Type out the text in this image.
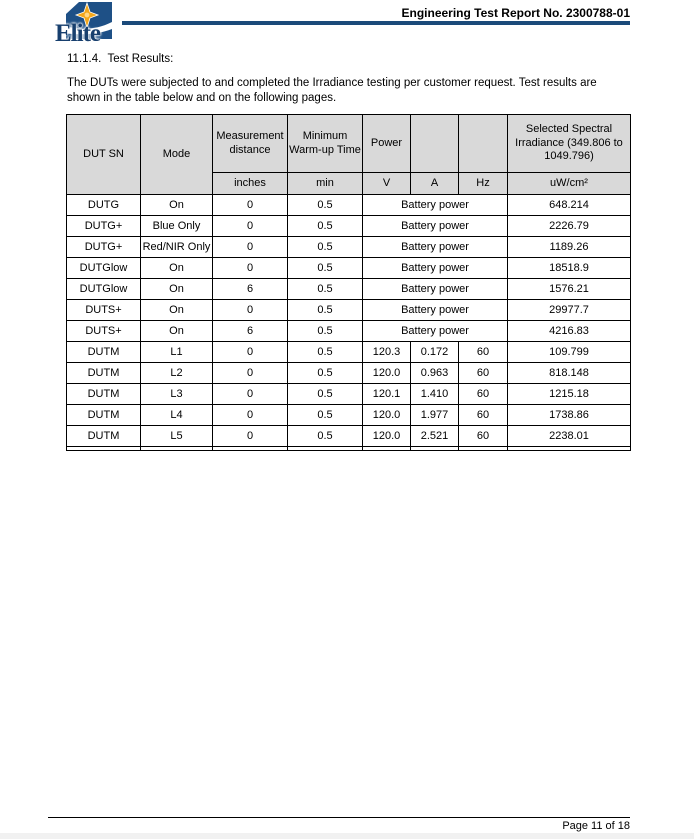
Elite
Engineering Test Report No. 2300788-01
11.1.4.  Test Results:
The DUTs were subjected to and completed the Irradiance testing per customer request. Test results are shown in the table below and on the following pages.
DUT SN	Mode	Measurement distance	Minimum Warm-up Time	Power			Selected Spectral Irradiance (349.806 to 1049.796)
		inches	min	V	A	Hz	uW/cm²
DUTG	On	0	0.5	Battery power			648.214
DUTG+	Blue Only	0	0.5	Battery power			2226.79
DUTG+	Red/NIR Only	0	0.5	Battery power			1189.26
DUTGlow	On	0	0.5	Battery power			18518.9
DUTGlow	On	6	0.5	Battery power			1576.21
DUTS+	On	0	0.5	Battery power			29977.7
DUTS+	On	6	0.5	Battery power			4216.83
DUTM	L1	0	0.5	120.3	0.172	60	109.799
DUTM	L2	0	0.5	120.0	0.963	60	818.148
DUTM	L3	0	0.5	120.1	1.410	60	1215.18
DUTM	L4	0	0.5	120.0	1.977	60	1738.86
DUTM	L5	0	0.5	120.0	2.521	60	2238.01

Page 11 of 18
